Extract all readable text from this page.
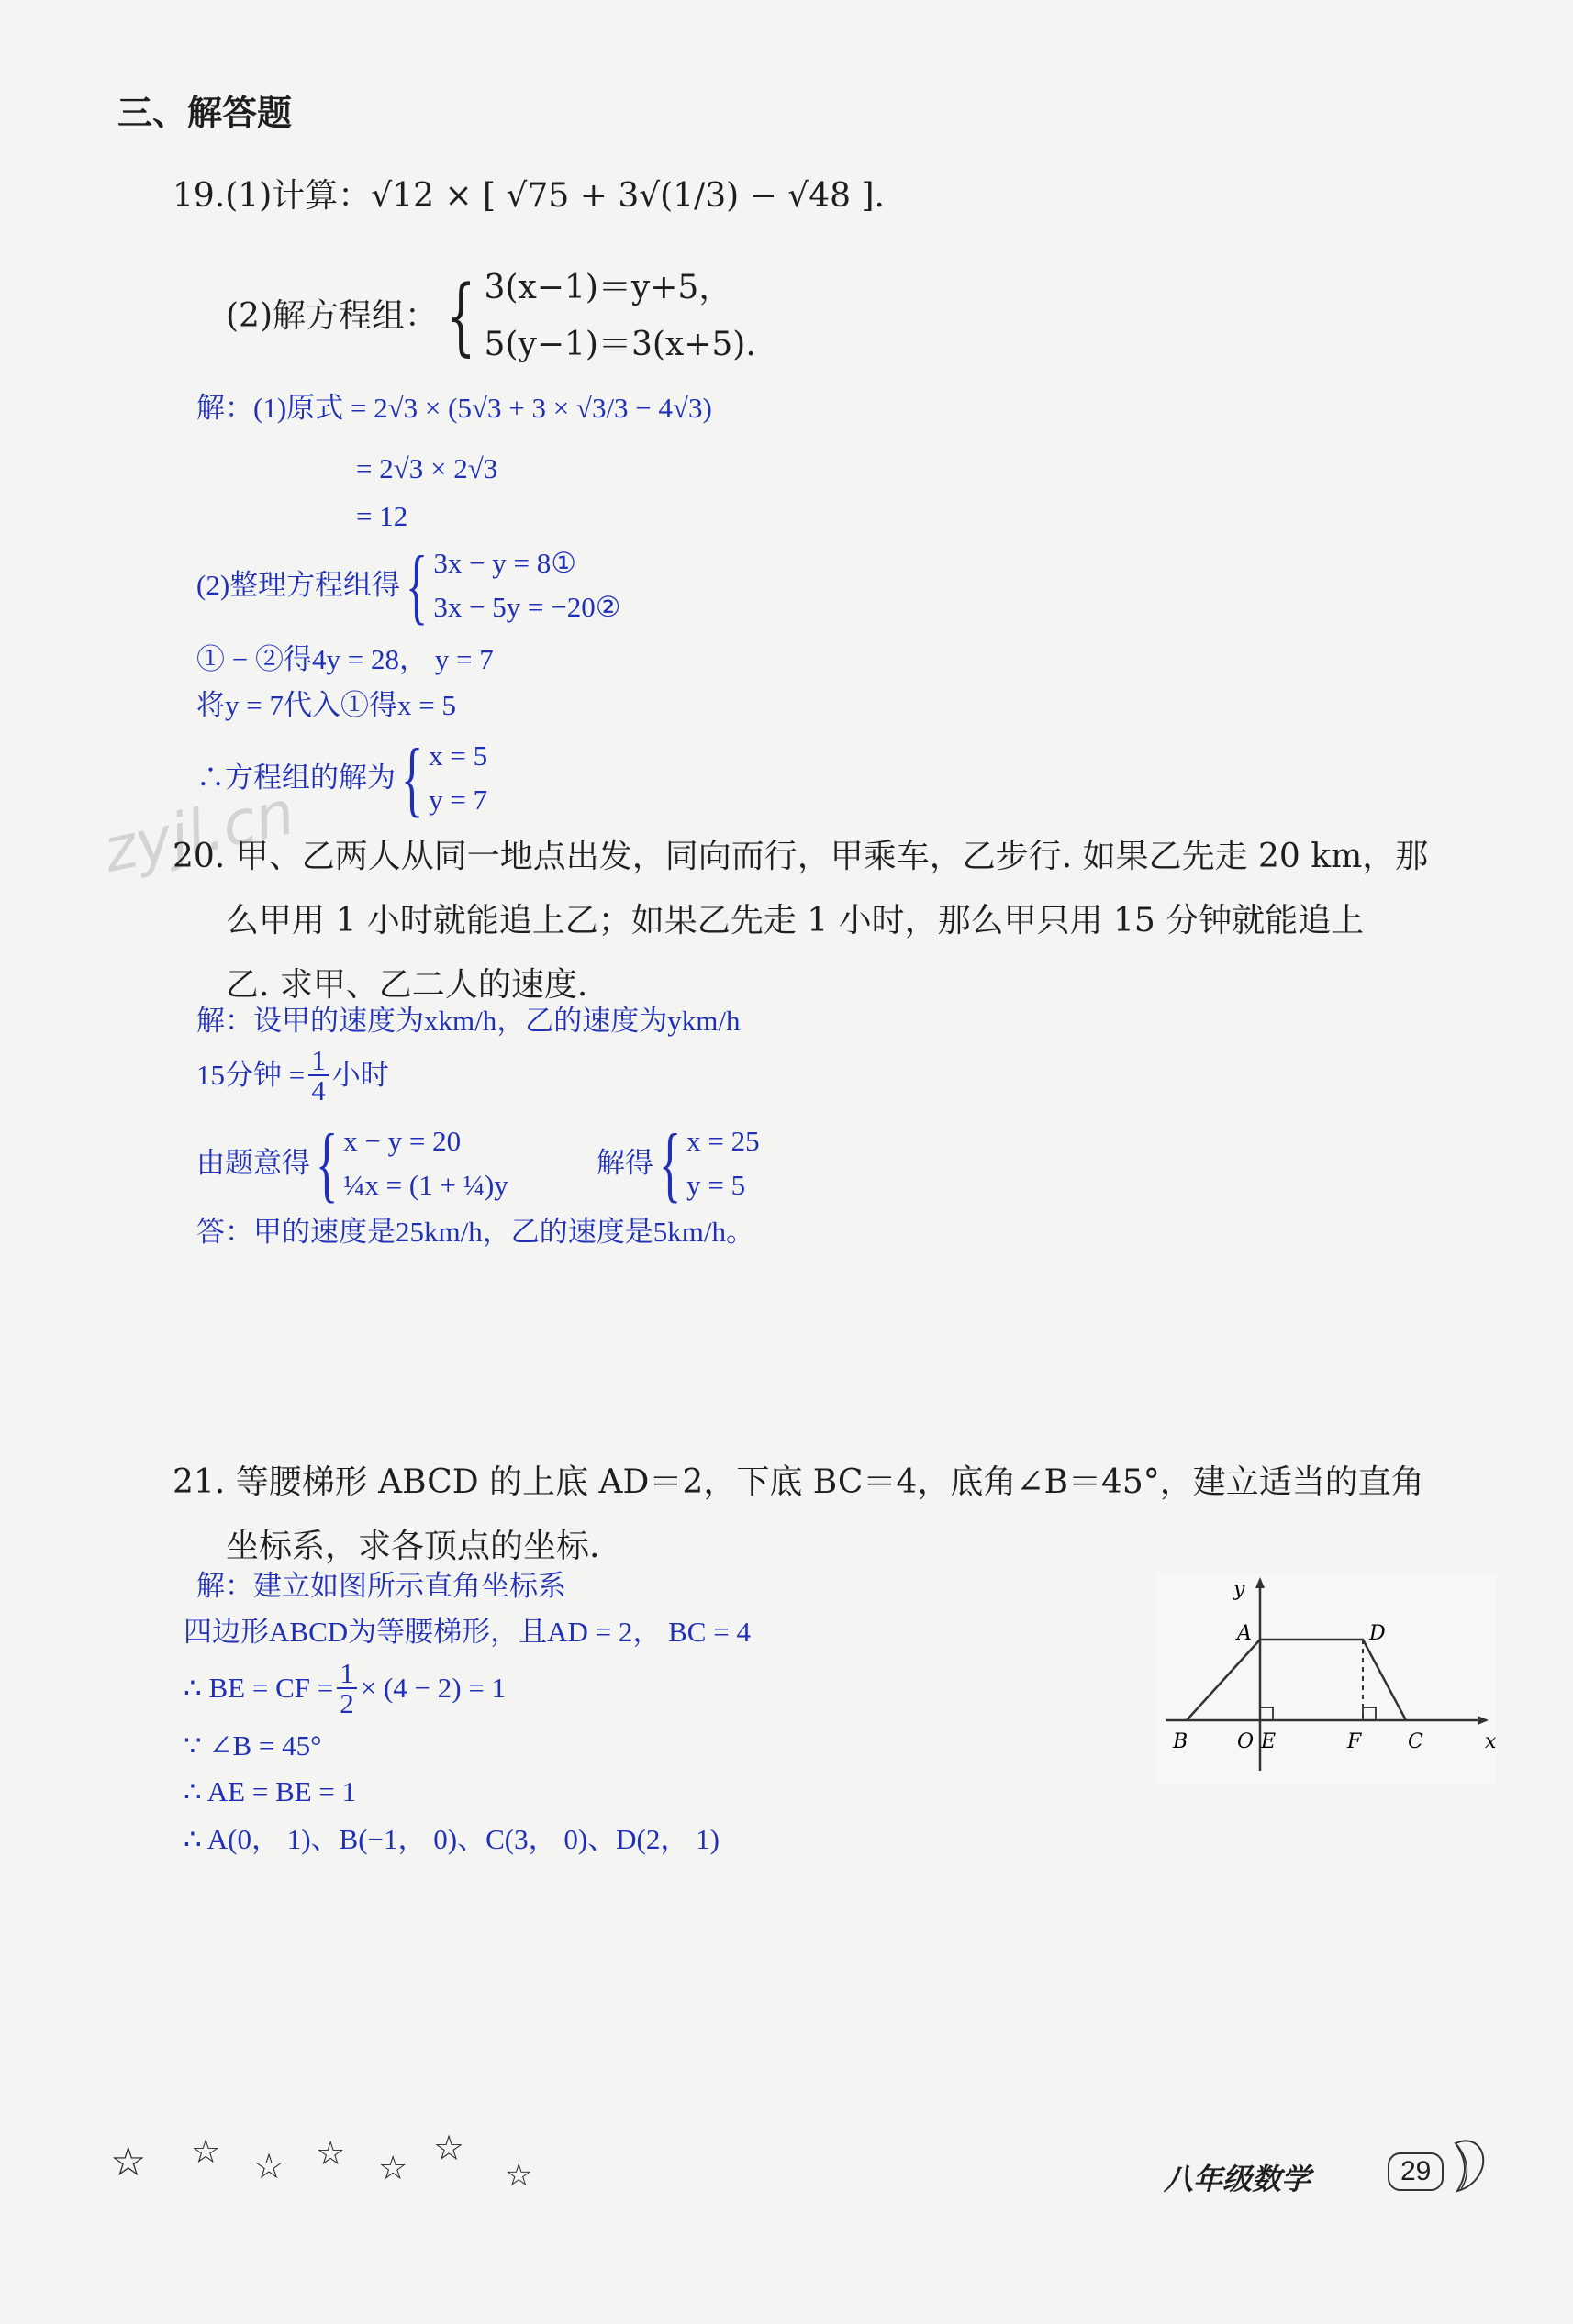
三、解答题
19.(1)计算：√12 × [ √75 + 3√(1/3) − √48 ].
(2)解方程组：{ 3(x−1)＝y+5，
5(y−1)＝3(x+5).
解：(1)原式 = 2√3 × (5√3 + 3 × √3/3 − 4√3)
= 2√3 × 2√3
= 12
(2)整理方程组得{ 3x − y = 8①
3x − 5y = −20②
① − ②得4y = 28， y = 7
将y = 7代入①得x = 5
∴方程组的解为{ x = 5
y = 7
zyjl.cn
20. 甲、乙两人从同一地点出发，同向而行，甲乘车，乙步行. 如果乙先走 20 km，那
么甲用 1 小时就能追上乙；如果乙先走 1 小时，那么甲只用 15 分钟就能追上
乙. 求甲、乙二人的速度.
解：设甲的速度为xkm/h，乙的速度为ykm/h
15分钟 = $\frac{1}{4}$ 小时
由题意得{ x − y = 20
¼x = (1 + ¼)y
解得{ x = 25
y = 5
答：甲的速度是25km/h，乙的速度是5km/h。
21. 等腰梯形 ABCD 的上底 AD＝2，下底 BC＝4，底角∠B＝45°，建立适当的直角
坐标系，求各顶点的坐标.
解：建立如图所示直角坐标系
四边形ABCD为等腰梯形，且AD = 2， BC = 4
∴ BE = CF = $\frac{1}{2} \times (4 - 2) = 1$
∵ ∠B = 45°
∴ AE = BE = 1
∴ A(0， 1)、B(−1， 0)、C(3， 0)、D(2， 1)
y
x
A	D
B O E	F C
☆ ☆ ☆ ☆ ☆
☆
☆	八年级数学	29
